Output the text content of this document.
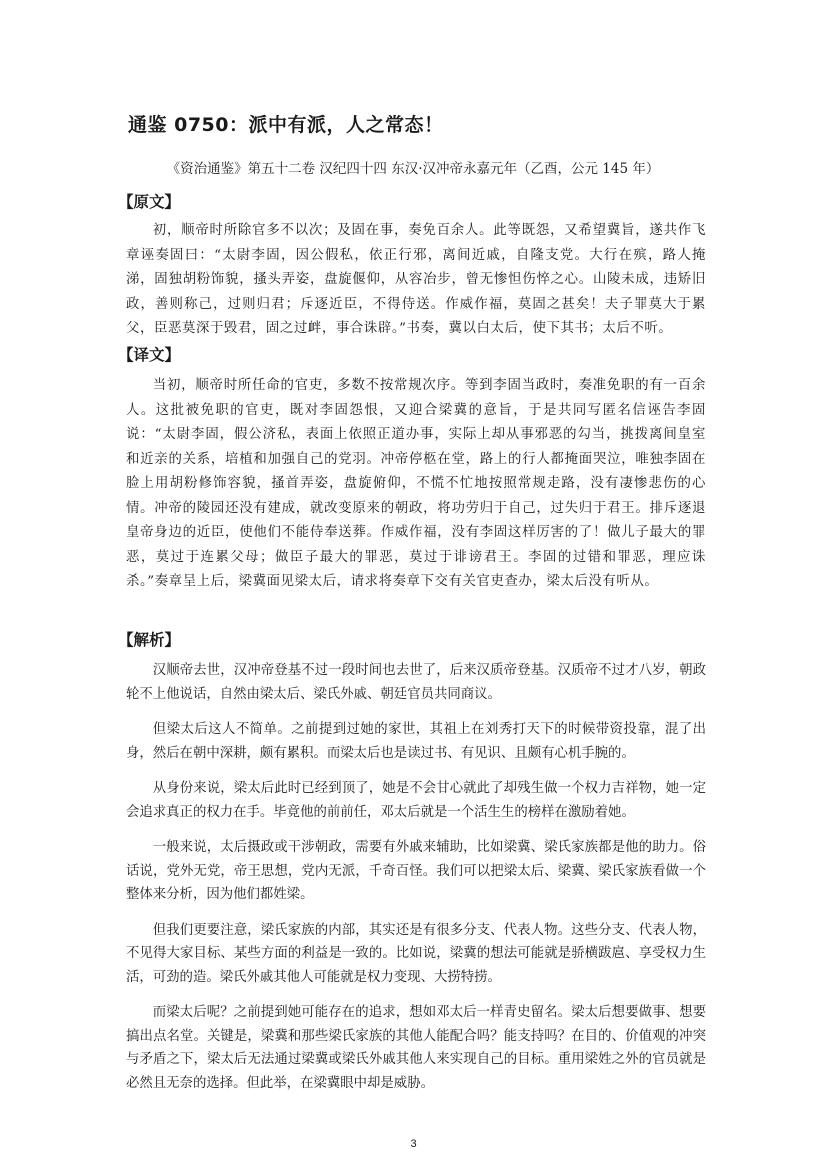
通鉴 0750：派中有派，人之常态！

《资治通鉴》第五十二卷 汉纪四十四 东汉·汉冲帝永嘉元年（乙酉，公元 145 年）

【原文】

初，顺帝时所除官多不以次；及固在事，奏免百余人。此等既怨，又希望冀旨，遂共作飞章诬奏固曰：“太尉李固，因公假私，依正行邪，离间近戚，自隆支党。大行在殡，路人掩涕，固独胡粉饰貌，搔头弄姿，盘旋偃仰，从容冶步，曾无惨怛伤悴之心。山陵未成，违矫旧政，善则称己，过则归君；斥逐近臣，不得侍送。作威作福，莫固之甚矣！夫子罪莫大于累父，臣恶莫深于毁君，固之过衅，事合诛辟。”书奏，冀以白太后，使下其书；太后不听。

【译文】

当初，顺帝时所任命的官吏，多数不按常规次序。等到李固当政时，奏准免职的有一百余人。这批被免职的官吏，既对李固怨恨，又迎合梁冀的意旨，于是共同写匿名信诬告李固说：“太尉李固，假公济私，表面上依照正道办事，实际上却从事邪恶的勾当，挑拨离间皇室和近亲的关系，培植和加强自己的党羽。冲帝停柩在堂，路上的行人都掩面哭泣，唯独李固在脸上用胡粉修饰容貌，搔首弄姿，盘旋俯仰，不慌不忙地按照常规走路，没有凄惨悲伤的心情。冲帝的陵园还没有建成，就改变原来的朝政，将功劳归于自己，过失归于君王。排斥逐退皇帝身边的近臣，使他们不能侍奉送葬。作威作福，没有李固这样厉害的了！做儿子最大的罪恶，莫过于连累父母；做臣子最大的罪恶，莫过于诽谤君王。李固的过错和罪恶，理应诛杀。”奏章呈上后，梁冀面见梁太后，请求将奏章下交有关官吏查办，梁太后没有听从。

【解析】

汉顺帝去世，汉冲帝登基不过一段时间也去世了，后来汉质帝登基。汉质帝不过才八岁，朝政轮不上他说话，自然由梁太后、梁氏外戚、朝廷官员共同商议。

但梁太后这人不简单。之前提到过她的家世，其祖上在刘秀打天下的时候带资投靠，混了出身，然后在朝中深耕，颇有累积。而梁太后也是读过书、有见识、且颇有心机手腕的。

从身份来说，梁太后此时已经到顶了，她是不会甘心就此了却残生做一个权力吉祥物，她一定会追求真正的权力在手。毕竟他的前前任，邓太后就是一个活生生的榜样在激励着她。

一般来说，太后摄政或干涉朝政，需要有外戚来辅助，比如梁冀、梁氏家族都是他的助力。俗话说，党外无党，帝王思想，党内无派，千奇百怪。我们可以把梁太后、梁冀、梁氏家族看做一个整体来分析，因为他们都姓梁。

但我们更要注意，梁氏家族的内部，其实还是有很多分支、代表人物。这些分支、代表人物，不见得大家目标、某些方面的利益是一致的。比如说，梁冀的想法可能就是骄横跋扈、享受权力生活，可劲的造。梁氏外戚其他人可能就是权力变现、大捞特捞。

而梁太后呢？之前提到她可能存在的追求，想如邓太后一样青史留名。梁太后想要做事、想要搞出点名堂。关键是，梁冀和那些梁氏家族的其他人能配合吗？能支持吗？在目的、价值观的冲突与矛盾之下，梁太后无法通过梁冀或梁氏外戚其他人来实现自己的目标。重用梁姓之外的官员就是必然且无奈的选择。但此举，在梁冀眼中却是威胁。

3
